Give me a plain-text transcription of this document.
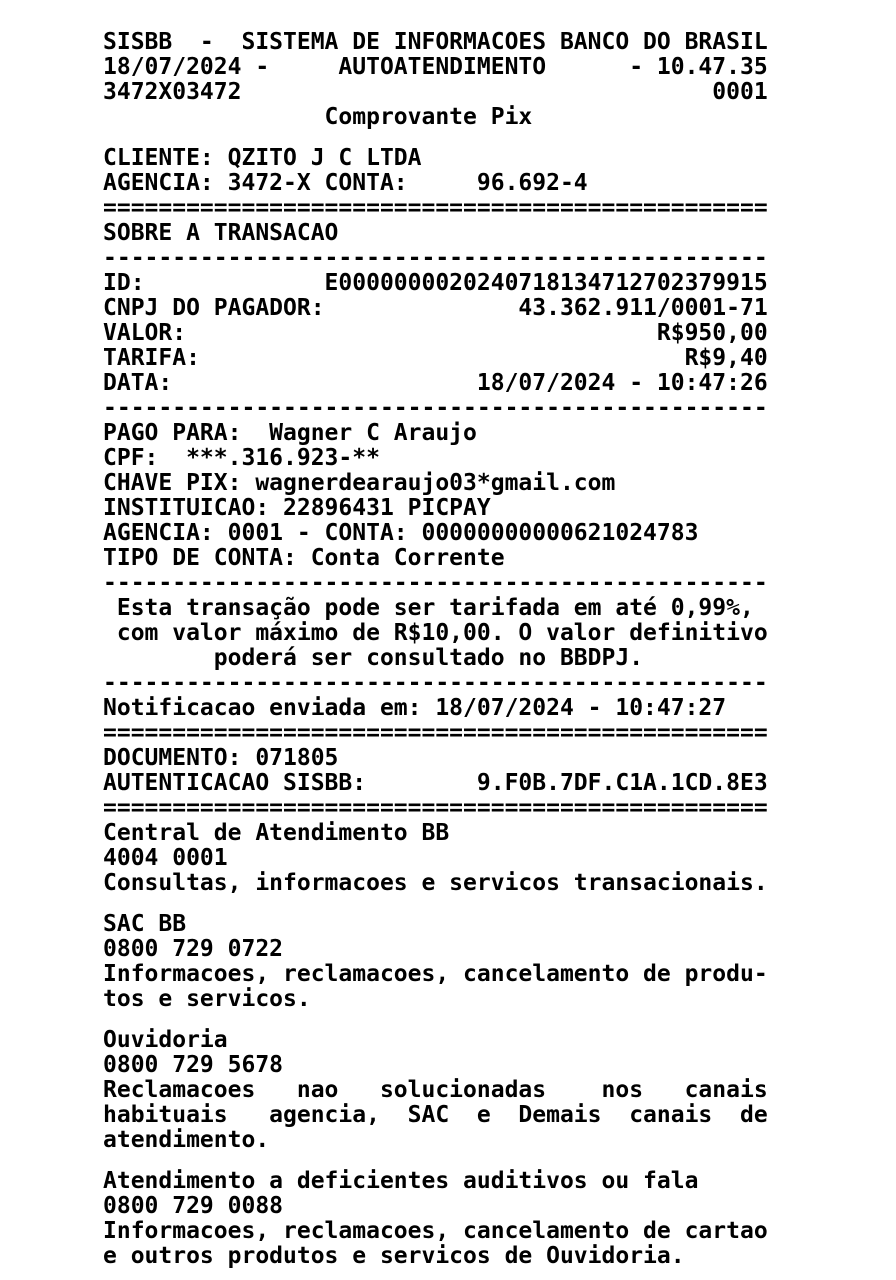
SISBB  -  SISTEMA DE INFORMACOES BANCO DO BRASIL
18/07/2024 -     AUTOATENDIMENTO      - 10.47.35
3472X03472                                  0001
Comprovante Pix
CLIENTE: QZITO J C LTDA
AGENCIA: 3472-X CONTA:     96.692-4
================================================
SOBRE A TRANSACAO
------------------------------------------------
ID:             E0000000020240718134712702379915
CNPJ DO PAGADOR:              43.362.911/0001-71
VALOR:                                  R$950,00
TARIFA:                                   R$9,40
DATA:                      18/07/2024 - 10:47:26
------------------------------------------------
PAGO PARA:  Wagner C Araujo
CPF:  ***.316.923-**
CHAVE PIX: wagnerdearaujo03*gmail.com
INSTITUICAO: 22896431 PICPAY
AGENCIA: 0001 - CONTA: 00000000000621024783
TIPO DE CONTA: Conta Corrente
------------------------------------------------
Esta transação pode ser tarifada em até 0,99%,
com valor máximo de R$10,00. O valor definitivo
poderá ser consultado no BBDPJ.
------------------------------------------------
Notificacao enviada em: 18/07/2024 - 10:47:27
================================================
DOCUMENTO: 071805
AUTENTICACAO SISBB:        9.F0B.7DF.C1A.1CD.8E3
================================================
Central de Atendimento BB
4004 0001
Consultas, informacoes e servicos transacionais.
SAC BB
0800 729 0722
Informacoes, reclamacoes, cancelamento de produ-
tos e servicos.
Ouvidoria
0800 729 5678
Reclamacoes   nao   solucionadas    nos   canais
habituais   agencia,  SAC  e  Demais  canais  de
atendimento.
Atendimento a deficientes auditivos ou fala
0800 729 0088
Informacoes, reclamacoes, cancelamento de cartao
e outros produtos e servicos de Ouvidoria.
